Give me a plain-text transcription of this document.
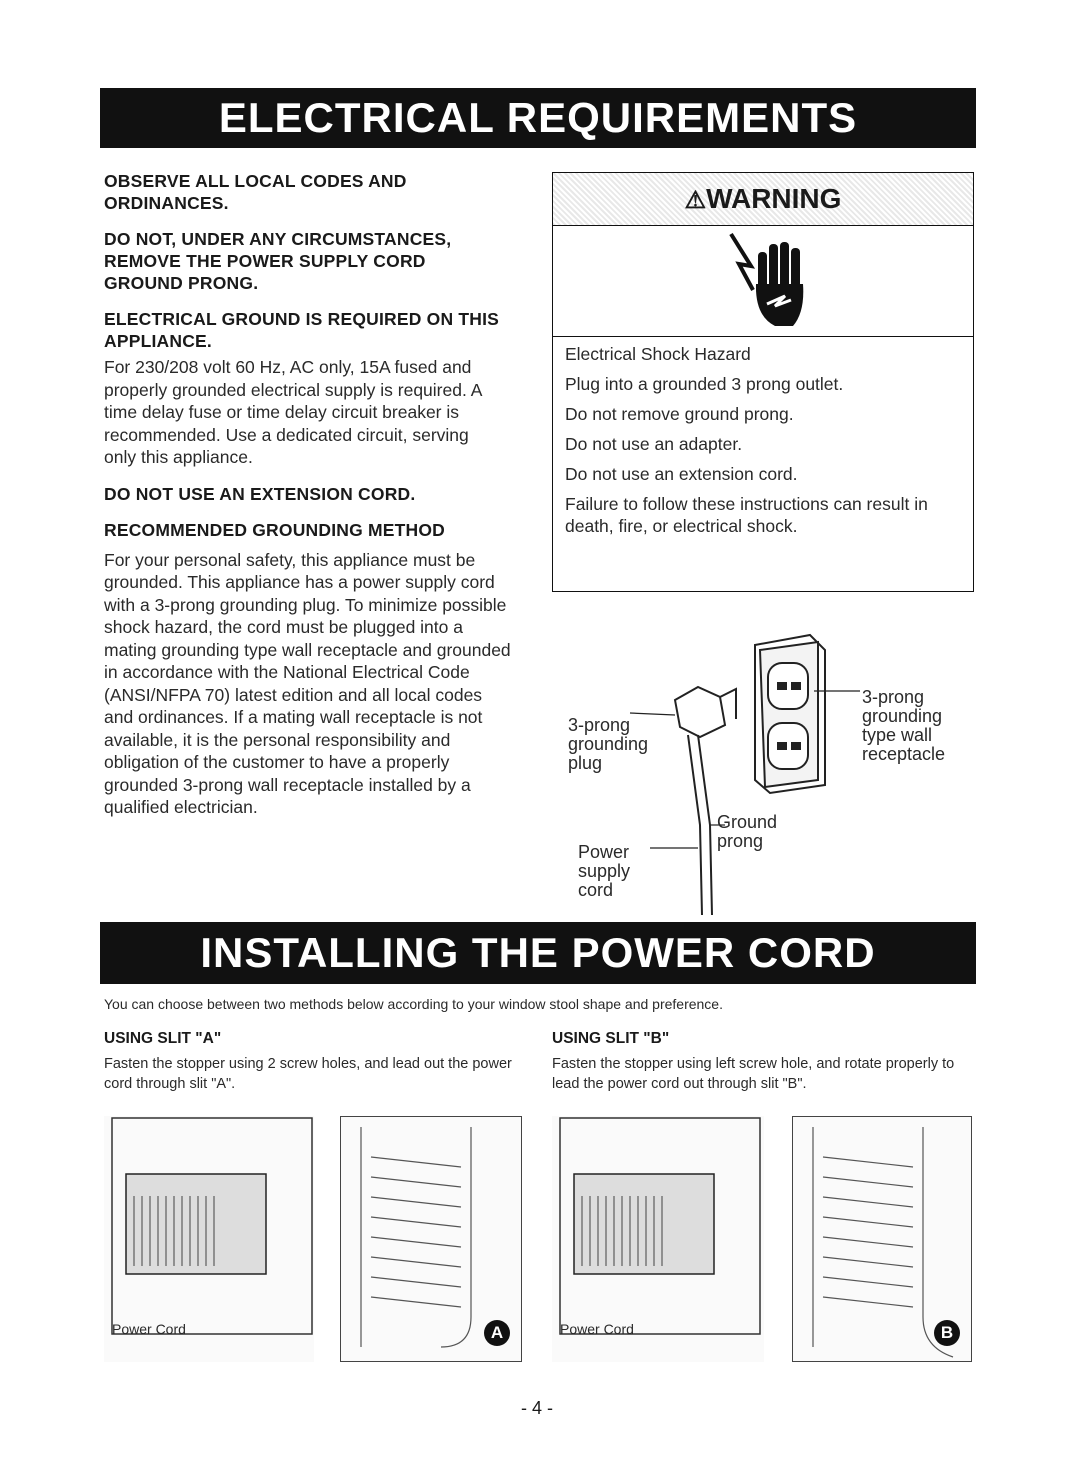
ELECTRICAL REQUIREMENTS
OBSERVE ALL LOCAL CODES AND ORDINANCES.
DO NOT, UNDER ANY CIRCUMSTANCES, REMOVE THE POWER SUPPLY CORD GROUND PRONG.
ELECTRICAL GROUND IS REQUIRED ON THIS APPLIANCE.
For 230/208 volt 60 Hz, AC only, 15A fused and properly grounded electrical supply is required. A time delay fuse or time delay circuit breaker is recommended. Use a dedicated circuit, serving only this appliance.
DO NOT USE AN EXTENSION CORD.
RECOMMENDED GROUNDING METHOD
For your personal safety, this appliance must be grounded. This appliance has a power supply cord with a 3-prong grounding plug. To minimize possible shock hazard, the cord must be plugged into a mating grounding type wall receptacle and grounded in accordance with the National Electrical Code (ANSI/NFPA 70) latest edition and all local codes and ordinances. If a mating wall receptacle is not available, it is the personal responsibility and obligation of the customer to have a properly grounded 3-prong wall receptacle installed by a qualified electrician.
⚠WARNING
Electrical Shock Hazard
Plug into a grounded 3 prong outlet.
Do not remove ground prong.
Do not use an adapter.
Do not use an extension cord.
Failure to follow these instructions can result in death, fire, or electrical shock.
3-prong grounding type wall receptacle
3-prong grounding plug
Ground prong
Power supply cord
INSTALLING THE POWER CORD
You can choose between two methods below according to your window stool shape and preference.
USING SLIT "A"
Fasten the stopper using 2 screw holes, and lead out the power cord through slit "A".
USING SLIT "B"
Fasten the stopper using left screw hole, and rotate properly to lead the power cord out through slit "B".
Power Cord	A	Power Cord	B
- 4 -
